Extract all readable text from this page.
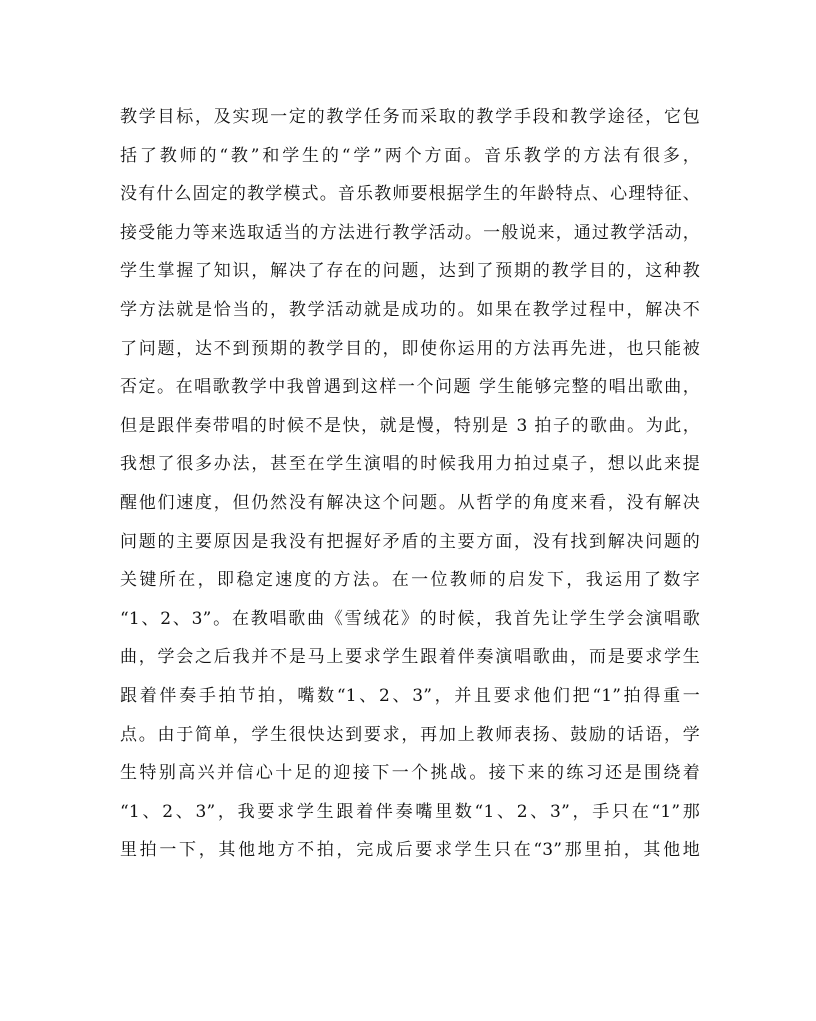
教学目标，及实现一定的教学任务而采取的教学手段和教学途径，它包
括了教师的“教”和学生的“学”两个方面。音乐教学的方法有很多，
没有什么固定的教学模式。音乐教师要根据学生的年龄特点、心理特征、
接受能力等来选取适当的方法进行教学活动。一般说来，通过教学活动，
学生掌握了知识，解决了存在的问题，达到了预期的教学目的，这种教
学方法就是恰当的，教学活动就是成功的。如果在教学过程中，解决不
了问题，达不到预期的教学目的，即使你运用的方法再先进，也只能被
否定。在唱歌教学中我曾遇到这样一个问题 学生能够完整的唱出歌曲，
但是跟伴奏带唱的时候不是快，就是慢，特别是 3 拍子的歌曲。为此，
我想了很多办法，甚至在学生演唱的时候我用力拍过桌子，想以此来提
醒他们速度，但仍然没有解决这个问题。从哲学的角度来看，没有解决
问题的主要原因是我没有把握好矛盾的主要方面，没有找到解决问题的
关键所在，即稳定速度的方法。在一位教师的启发下，我运用了数字
“1、2、3”。在教唱歌曲《雪绒花》的时候，我首先让学生学会演唱歌
曲，学会之后我并不是马上要求学生跟着伴奏演唱歌曲，而是要求学生
跟着伴奏手拍节拍，嘴数“1、2、3”，并且要求他们把“1”拍得重一
点。由于简单，学生很快达到要求，再加上教师表扬、鼓励的话语，学
生特别高兴并信心十足的迎接下一个挑战。接下来的练习还是围绕着
“1、2、3”，我要求学生跟着伴奏嘴里数“1、2、3”，手只在“1”那
里拍一下，其他地方不拍，完成后要求学生只在“3”那里拍，其他地
